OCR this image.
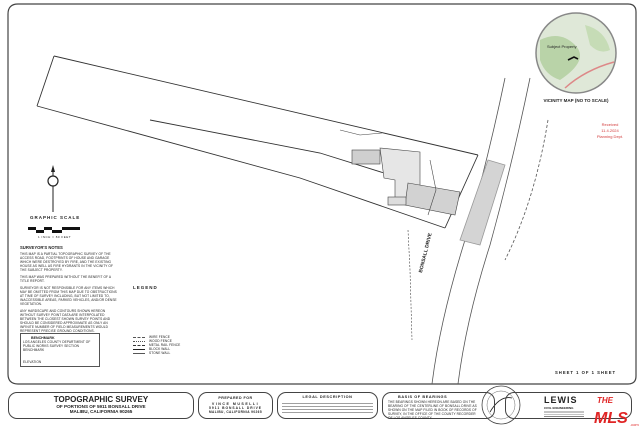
Subject Property
VICINITY MAP (NO TO SCALE)
Received
11.4.2024
Planning Dept.
BONSALL DRIVE
GRAPHIC SCALE
1 INCH = 80 FEET
SURVEYOR'S NOTES
THIS MAP IS A PARTIAL TOPOGRAPHIC SURVEY OF THE ACCESS ROAD, FOOTPRINTS OF HOUSE AND GARAGE WHICH WERE DESTROYED BY FIRE, AND THE EXISTING HOUSE AS WELL AS FIRE HYDRANTS IN THE VICINITY OF THE SUBJECT PROPERTY.
THIS MAP WAS PREPARED WITHOUT THE BENEFIT OF A TITLE REPORT.
SURVEYOR IS NOT RESPONSIBLE FOR ANY ITEMS WHICH MAY BE OMITTED FROM THIS MAP DUE TO OBSTRUCTIONS AT TIME OF SURVEY INCLUDING, BUT NOT LIMITED TO, INACCESSIBLE AREAS, PARKED VEHICLES, AND/OR DENSE VEGETATION.
ANY HARDSCAPE AND CONTOURS SHOWN HEREON WITHOUT SURVEY POINT DATA ARE INTERPOLATED BETWEEN THE CLOSEST SHOWN SURVEY POINTS AND SHOULD BE CONSIDERED APPROXIMATE AS ONLY AN INFINITE NUMBER OF FIELD MEASUREMENTS WOULD REPRESENT PRECISE GROUND CONDITIONS.
LEGEND
WIRE FENCE
WOOD FENCE
METAL RAIL FENCE
BLOCK WALL
STONE WALL
BENCHMARK
LOS ANGELES COUNTY DEPARTMENT OF PUBLIC WORKS SURVEY SECTION BENCHMARK
ELEVATION
SHEET 1 OF 1 SHEET
TOPOGRAPHIC SURVEY
OF PORTIONS OF 5911 BONSALL DRIVE
MALIBU, CALIFORNIA 90265
PREPARED FOR
VINCE MUSELLI
5911 BONSALL DRIVE
MALIBU, CALIFORNIA 90265
LEGAL DESCRIPTION	BASIS OF BEARINGS
THE BEARINGS SHOWN HEREON ARE BASED ON THE BEARING OF THE CENTERLINE OF BONSALL DRIVE AS SHOWN ON THE MAP FILED IN BOOK OF RECORDS OF SURVEY, IN THE OFFICE OF THE COUNTY RECORDER OF LOS ANGELES COUNTY.
LEWIS
CIVIL ENGINEERING
THE
MLS .com
